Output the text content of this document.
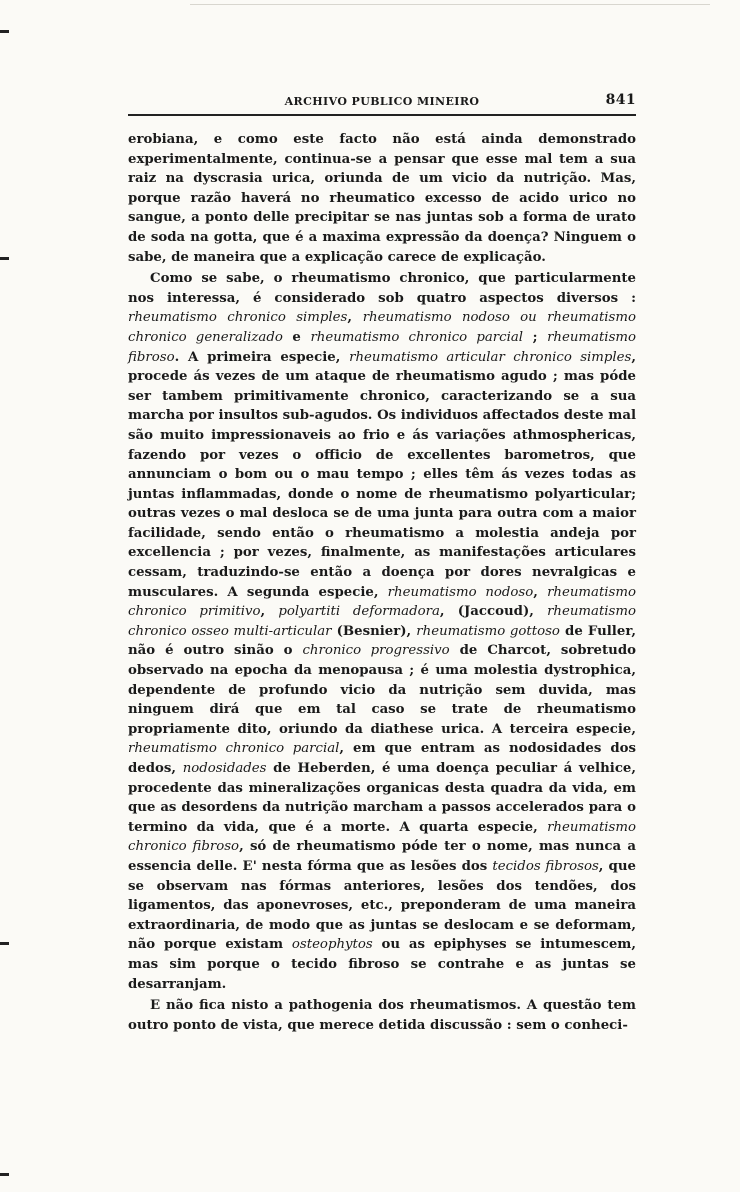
ARCHIVO PUBLICO MINEIRO	841

erobiana, e como este facto não está ainda demonstrado experimentalmente, continua-se a pensar que esse mal tem a sua raiz na dyscrasia urica, oriunda de um vicio da nutrição. Mas, porque razão haverá no rheumatico excesso de acido urico no sangue, a ponto delle precipitar se nas juntas sob a forma de urato de soda na gotta, que é a maxima expressão da doença? Ninguem o sabe, de maneira que a explicação carece de explicação.

Como se sabe, o rheumatismo chronico, que particularmente nos interessa, é considerado sob quatro aspectos diversos : rheumatismo chronico simples, rheumatismo nodoso ou rheumatismo chronico generalizado e rheumatismo chronico parcial ; rheumatismo fibroso. A primeira especie, rheumatismo articular chronico simples, procede ás vezes de um ataque de rheumatismo agudo ; mas póde ser tambem primitivamente chronico, caracterizando se a sua marcha por insultos sub-agudos. Os individuos affectados deste mal são muito impressionaveis ao frio e ás variações athmosphericas, fazendo por vezes o officio de excellentes barometros, que annunciam o bom ou o mau tempo ; elles têm ás vezes todas as juntas inflammadas, donde o nome de rheumatismo polyarticular; outras vezes o mal desloca se de uma junta para outra com a maior facilidade, sendo então o rheumatismo a molestia andeja por excellencia ; por vezes, finalmente, as manifestações articulares cessam, traduzindo-se então a doença por dores nevralgicas e musculares. A segunda especie, rheumatismo nodoso, rheumatismo chronico primitivo, polyartiti deformadora, (Jaccoud), rheumatismo chronico osseo multi-articular (Besnier), rheumatismo gottoso de Fuller, não é outro sinão o chronico progressivo de Charcot, sobretudo observado na epocha da menopausa ; é uma molestia dystrophica, dependente de profundo vicio da nutrição sem duvida, mas ninguem dirá que em tal caso se trate de rheumatismo propriamente dito, oriundo da diathese urica. A terceira especie, rheumatismo chronico parcial, em que entram as nodosidades dos dedos, nodosidades de Heberden, é uma doença peculiar á velhice, procedente das mineralizações organicas desta quadra da vida, em que as desordens da nutrição marcham a passos accelerados para o termino da vida, que é a morte. A quarta especie, rheumatismo chronico fibroso, só de rheumatismo póde ter o nome, mas nunca a essencia delle. E' nesta fórma que as lesões dos tecidos fibrosos, que se observam nas fórmas anteriores, lesões dos tendões, dos ligamentos, das aponevroses, etc., preponderam de uma maneira extraordinaria, de modo que as juntas se deslocam e se deformam, não porque existam osteophytos ou as epiphyses se intumescem, mas sim porque o tecido fibroso se contrahe e as juntas se desarranjam.

E não fica nisto a pathogenia dos rheumatismos. A questão tem outro ponto de vista, que merece detida discussão : sem o conheci-
